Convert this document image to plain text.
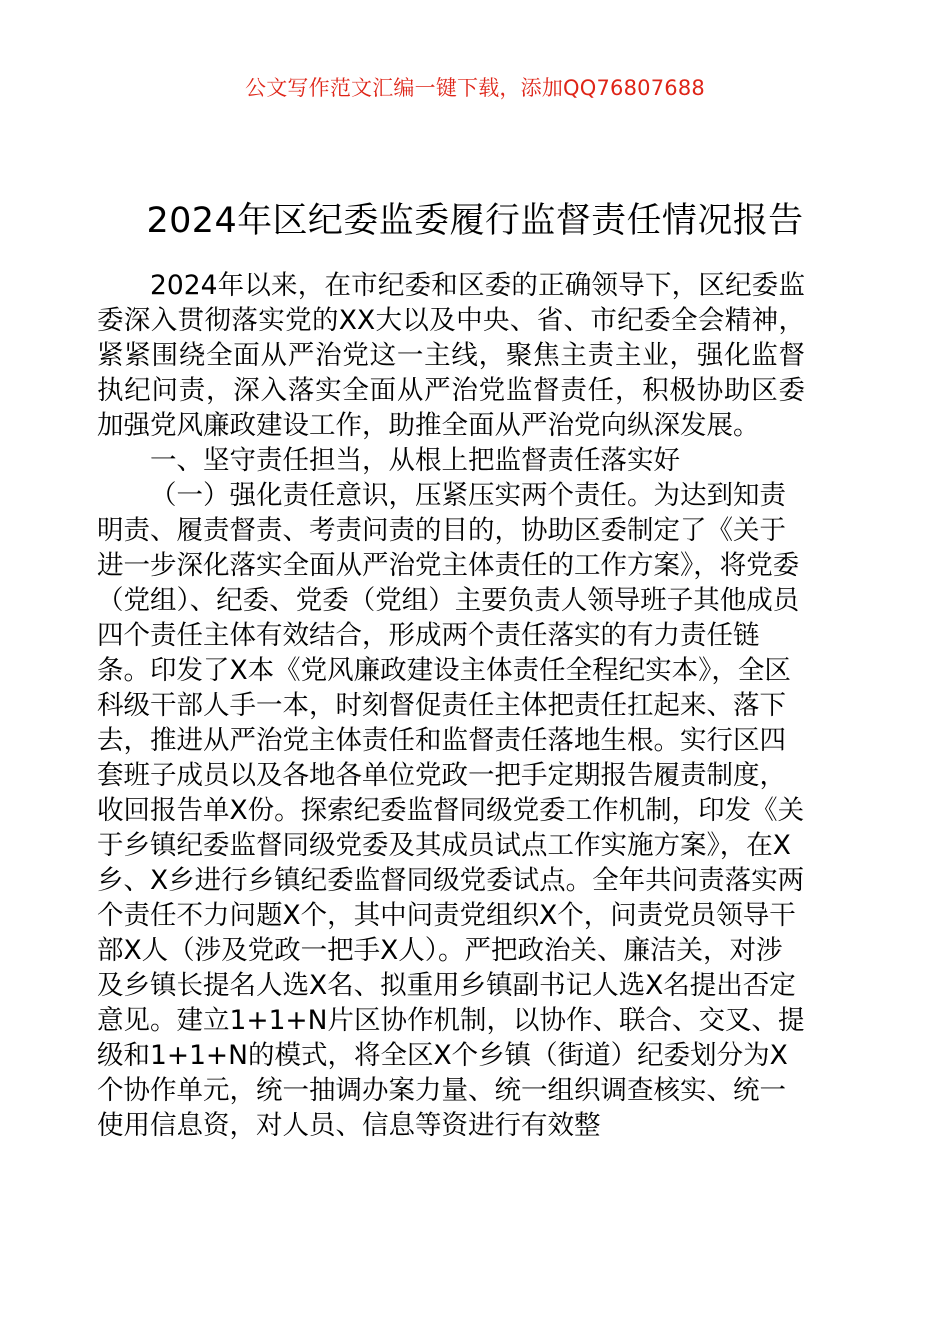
公文写作范文汇编一键下载，添加QQ76807688
2024年区纪委监委履行监督责任情况报告

2024年以来，在市纪委和区委的正确领导下，区纪委监委深入贯彻落实党的XX大以及中央、省、市纪委全会精神，紧紧围绕全面从严治党这一主线，聚焦主责主业，强化监督执纪问责，深入落实全面从严治党监督责任，积极协助区委加强党风廉政建设工作，助推全面从严治党向纵深发展。

一、坚守责任担当，从根上把监督责任落实好

（一）强化责任意识，压紧压实两个责任。为达到知责明责、履责督责、考责问责的目的，协助区委制定了《关于进一步深化落实全面从严治党主体责任的工作方案》，将党委（党组）、纪委、党委（党组）主要负责人领导班子其他成员四个责任主体有效结合，形成两个责任落实的有力责任链条。印发了X本《党风廉政建设主体责任全程纪实本》，全区科级干部人手一本，时刻督促责任主体把责任扛起来、落下去，推进从严治党主体责任和监督责任落地生根。实行区四套班子成员以及各地各单位党政一把手定期报告履责制度，收回报告单X份。探索纪委监督同级党委工作机制，印发《关于乡镇纪委监督同级党委及其成员试点工作实施方案》，在X乡、X乡进行乡镇纪委监督同级党委试点。全年共问责落实两个责任不力问题X个，其中问责党组织X个，问责党员领导干部X人（涉及党政一把手X人）。严把政治关、廉洁关，对涉及乡镇长提名人选X名、拟重用乡镇副书记人选X名提出否定意见。建立1+1+N片区协作机制，以协作、联合、交叉、提级和1+1+N的模式，将全区X个乡镇（街道）纪委划分为X个协作单元，统一抽调办案力量、统一组织调查核实、统一使用信息资，对人员、信息等资进行有效整
